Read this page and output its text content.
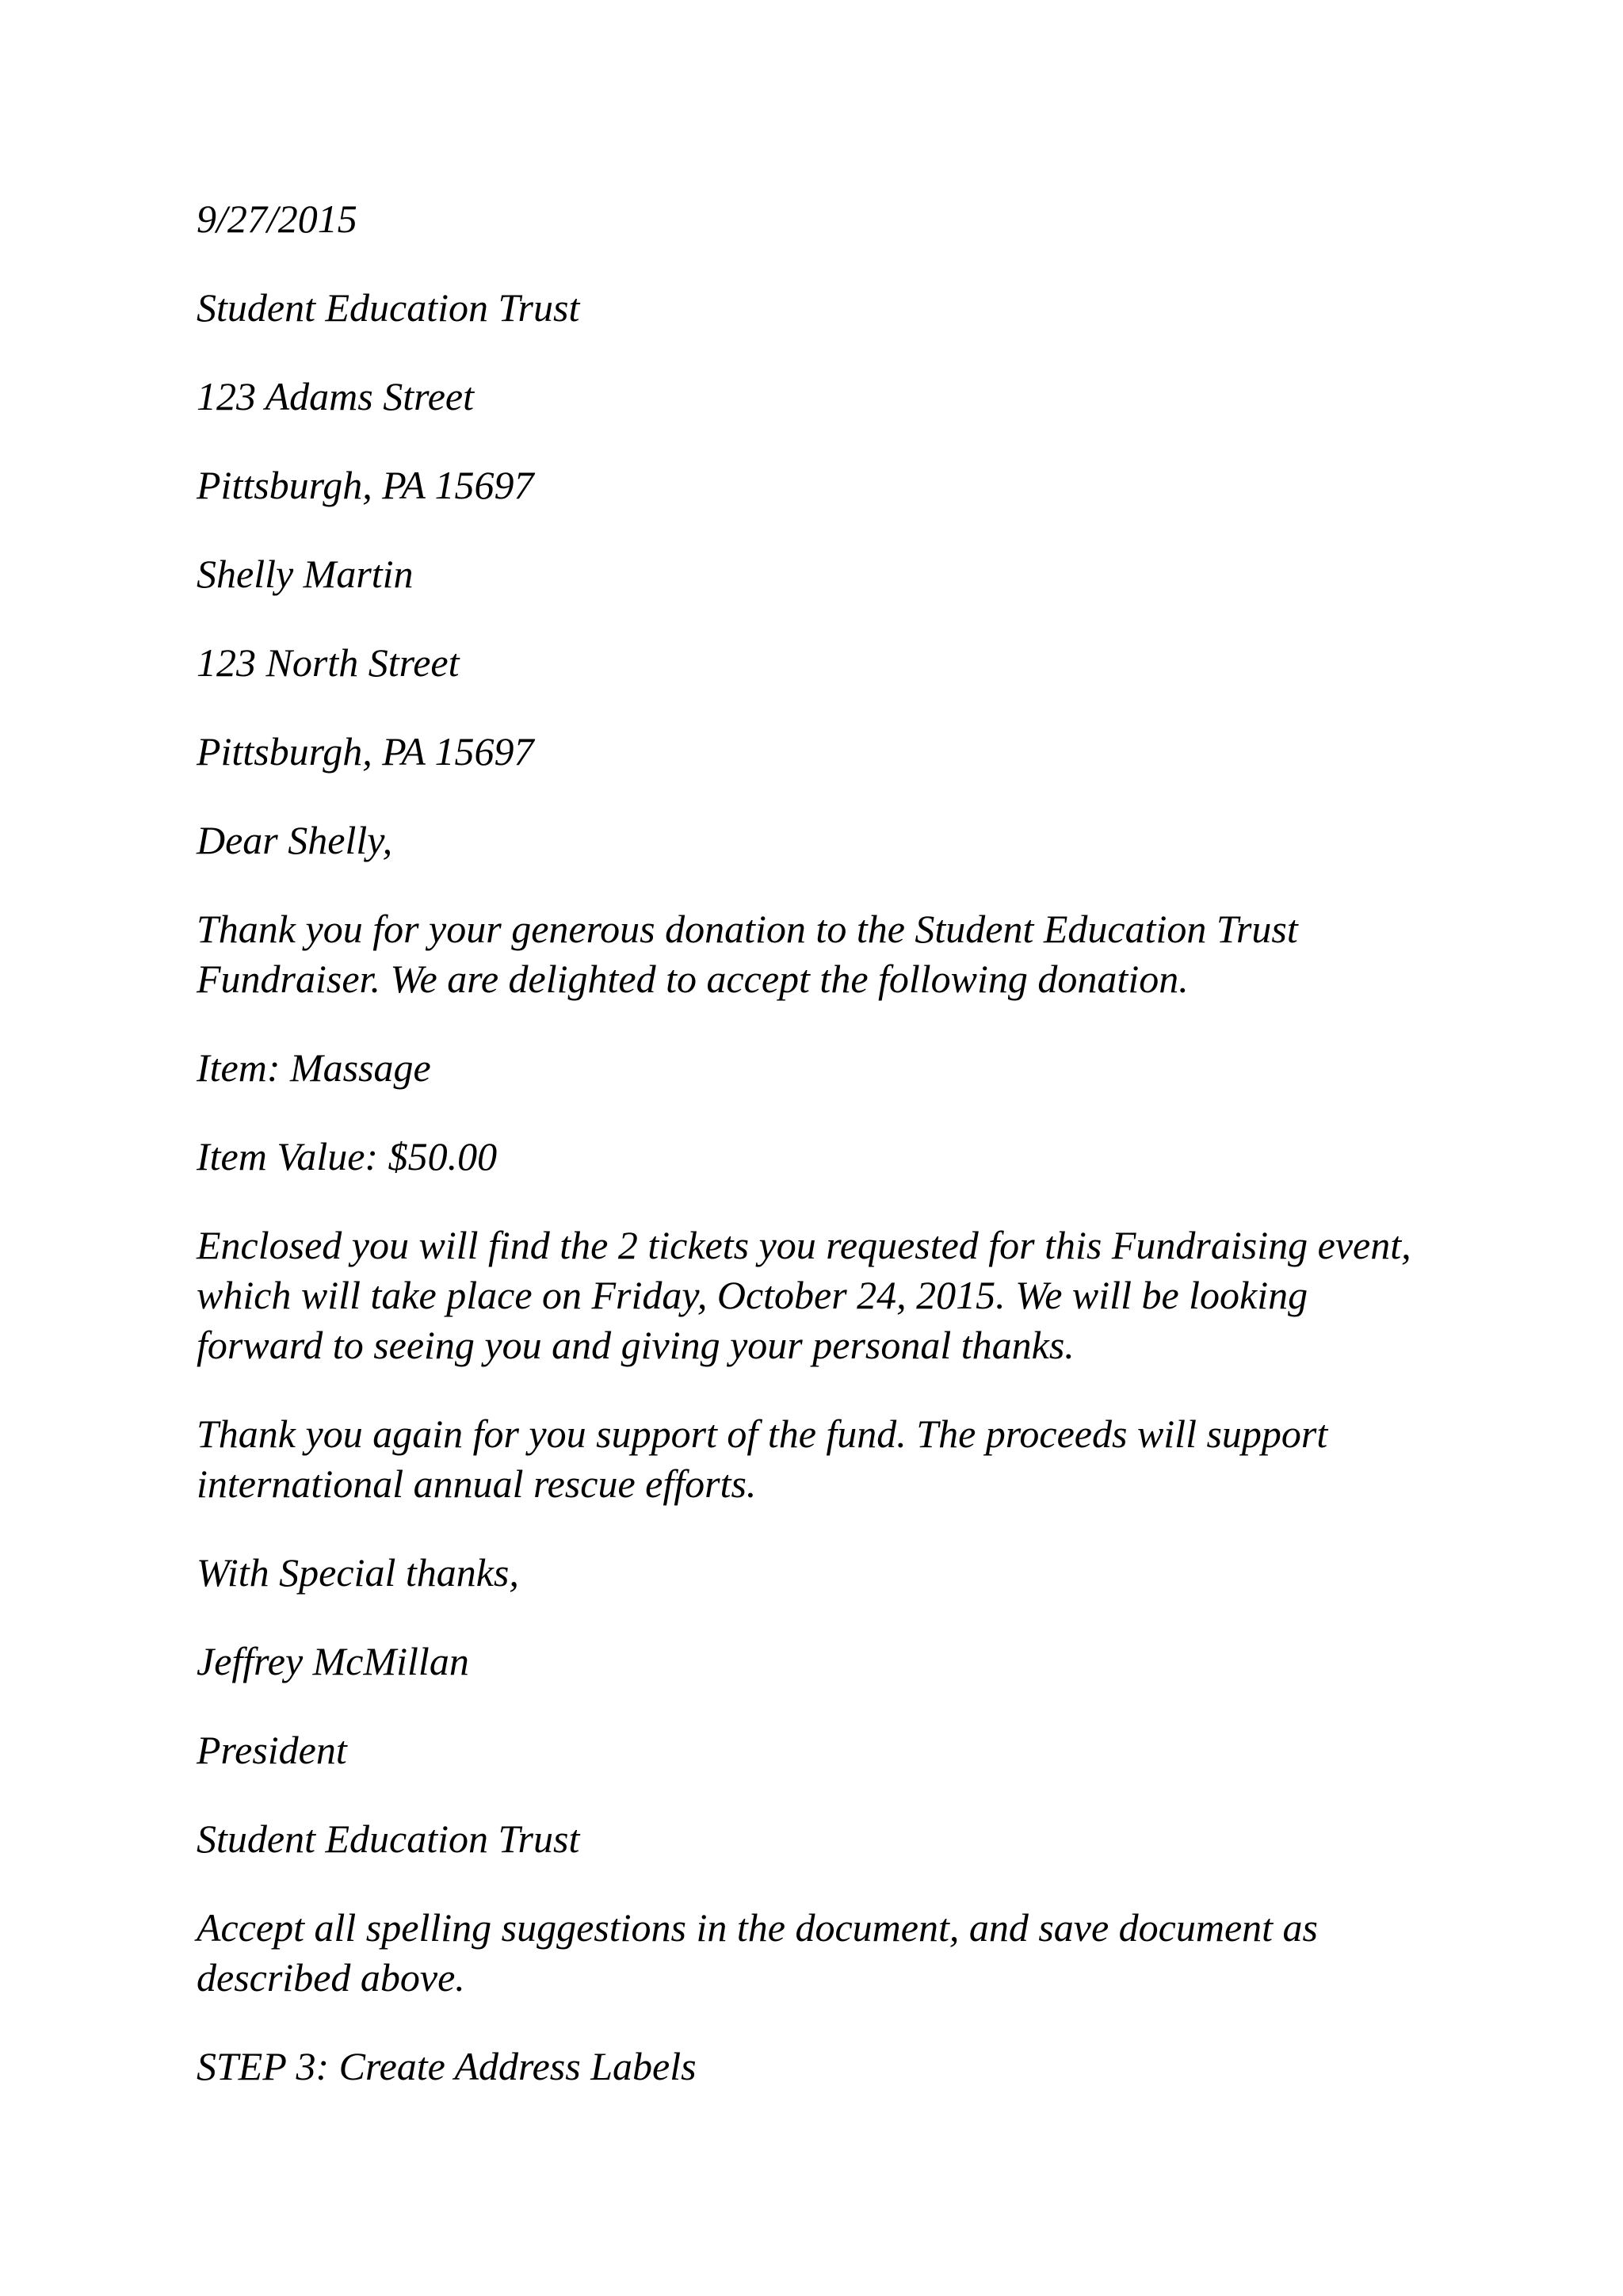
9/27/2015

Student Education Trust

123 Adams Street

Pittsburgh, PA 15697

Shelly Martin

123 North Street

Pittsburgh, PA 15697

Dear Shelly,

Thank you for your generous donation to the Student Education Trust Fundraiser. We are delighted to accept the following donation.

Item: Massage

Item Value: $50.00

Enclosed you will find the 2 tickets you requested for this Fundraising event, which will take place on Friday, October 24, 2015. We will be looking forward to seeing you and giving your personal thanks.

Thank you again for you support of the fund. The proceeds will support international annual rescue efforts.

With Special thanks,

Jeffrey McMillan

President

Student Education Trust

Accept all spelling suggestions in the document, and save document as described above.

STEP 3: Create Address Labels
